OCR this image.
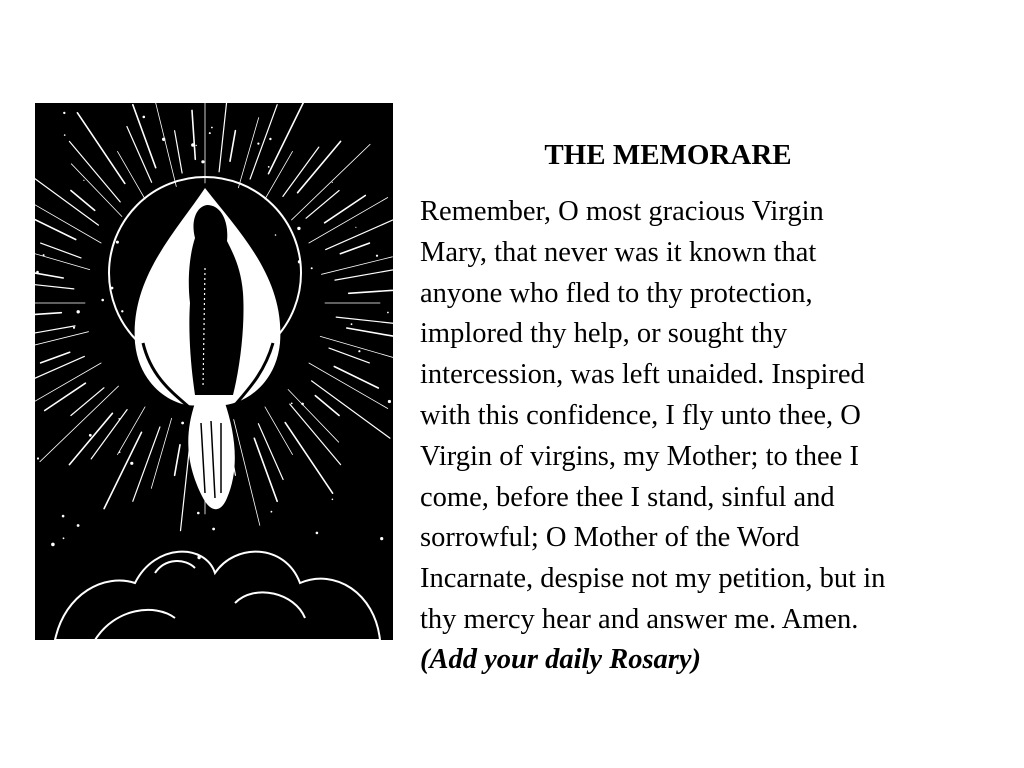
THE MEMORARE
Remember, O most gracious Virgin
Mary, that never was it known that
anyone who fled to thy protection,
implored thy help, or sought thy
intercession, was left unaided. Inspired
with this confidence, I fly unto thee, O
Virgin of virgins, my Mother; to thee I
come, before thee I stand, sinful and
sorrowful; O Mother of the Word
Incarnate, despise not my petition, but in
thy mercy hear and answer me. Amen.
(Add your daily Rosary)
